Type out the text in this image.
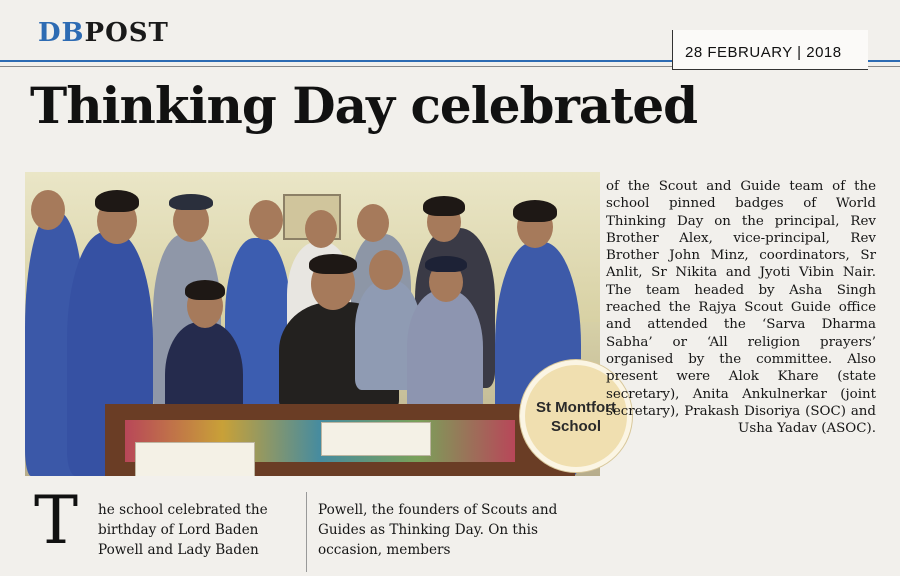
DBPOST
28 FEBRUARY | 2018
Thinking Day celebrated
St Montfort
School

of the Scout and Guide team of the school pinned badges of World Thinking Day on the principal, Rev Brother Alex, vice-principal, Rev Brother John Minz, coordinators, Sr Anlit, Sr Nikita and Jyoti Vibin Nair. The team headed by Asha Singh reached the Rajya Scout Guide office and attended the ‘Sarva Dharma Sabha’ or ‘All religion prayers’ organised by the committee. Also present were Alok Khare (state secretary), Anita Ankulnerkar (joint secretary), Prakash Disoriya (SOC) and Usha Yadav (ASOC).

T he school celebrated the birthday of Lord Baden Powell and Lady Baden
Powell, the founders of Scouts and Guides as Thinking Day. On this occasion, members
